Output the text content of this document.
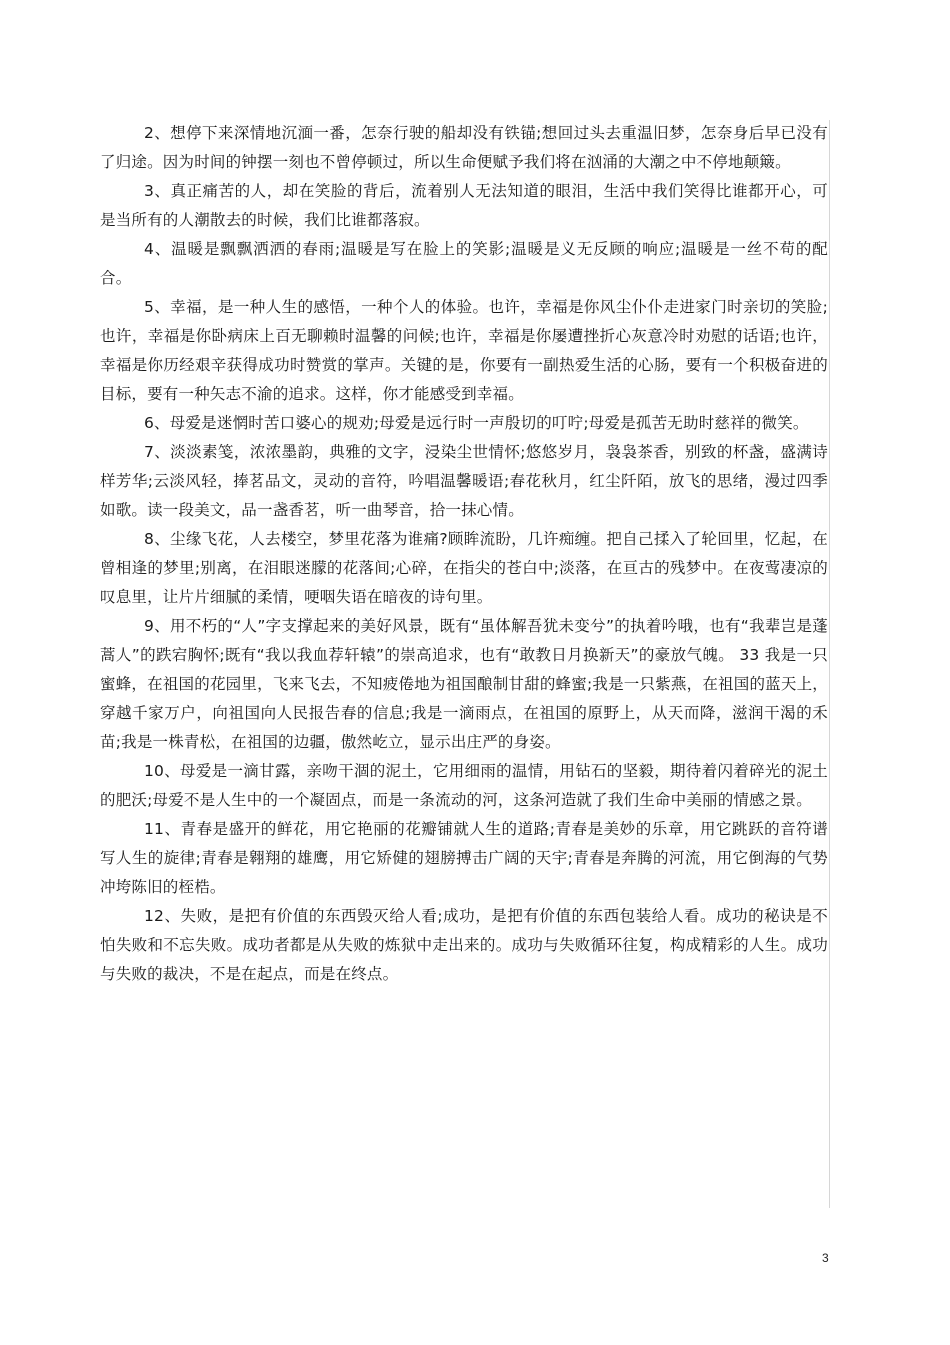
2、想停下来深情地沉湎一番，怎奈行驶的船却没有铁锚;想回过头去重温旧梦，怎奈身后早已没有了归途。因为时间的钟摆一刻也不曾停顿过，所以生命便赋予我们将在汹涌的大潮之中不停地颠簸。

3、真正痛苦的人，却在笑脸的背后，流着别人无法知道的眼泪，生活中我们笑得比谁都开心，可是当所有的人潮散去的时候，我们比谁都落寂。

4、温暖是飘飘洒洒的春雨;温暖是写在脸上的笑影;温暖是义无反顾的响应;温暖是一丝不苟的配合。

5、幸福，是一种人生的感悟，一种个人的体验。也许，幸福是你风尘仆仆走进家门时亲切的笑脸;也许，幸福是你卧病床上百无聊赖时温馨的问候;也许，幸福是你屡遭挫折心灰意冷时劝慰的话语;也许，幸福是你历经艰辛获得成功时赞赏的掌声。关键的是，你要有一副热爱生活的心肠，要有一个积极奋进的目标，要有一种矢志不渝的追求。这样，你才能感受到幸福。

6、母爱是迷惘时苦口婆心的规劝;母爱是远行时一声殷切的叮咛;母爱是孤苦无助时慈祥的微笑。

7、淡淡素笺，浓浓墨韵，典雅的文字，浸染尘世情怀;悠悠岁月，袅袅茶香，别致的杯盏，盛满诗样芳华;云淡风轻，捧茗品文，灵动的音符，吟唱温馨暖语;春花秋月，红尘阡陌，放飞的思绪，漫过四季如歌。读一段美文，品一盏香茗，听一曲琴音，拾一抹心情。

8、尘缘飞花，人去楼空，梦里花落为谁痛?顾眸流盼，几许痴缠。把自己揉入了轮回里，忆起，在曾相逢的梦里;别离，在泪眼迷朦的花落间;心碎，在指尖的苍白中;淡落，在亘古的残梦中。在夜莺凄凉的叹息里，让片片细腻的柔情，哽咽失语在暗夜的诗句里。

9、用不朽的“人”字支撑起来的美好风景，既有“虽体解吾犹未变兮”的执着吟哦，也有“我辈岂是蓬蒿人”的跌宕胸怀;既有“我以我血荐轩辕”的崇高追求，也有“敢教日月换新天”的豪放气魄。 33 我是一只蜜蜂，在祖国的花园里，飞来飞去，不知疲倦地为祖国酿制甘甜的蜂蜜;我是一只紫燕，在祖国的蓝天上，穿越千家万户，向祖国向人民报告春的信息;我是一滴雨点，在祖国的原野上，从天而降，滋润干渴的禾苗;我是一株青松，在祖国的边疆，傲然屹立，显示出庄严的身姿。

10、母爱是一滴甘露，亲吻干涸的泥土，它用细雨的温情，用钻石的坚毅，期待着闪着碎光的泥土的肥沃;母爱不是人生中的一个凝固点，而是一条流动的河，这条河造就了我们生命中美丽的情感之景。

11、青春是盛开的鲜花，用它艳丽的花瓣铺就人生的道路;青春是美妙的乐章，用它跳跃的音符谱写人生的旋律;青春是翱翔的雄鹰，用它矫健的翅膀搏击广阔的天宇;青春是奔腾的河流，用它倒海的气势冲垮陈旧的桎梏。

12、失败，是把有价值的东西毁灭给人看;成功，是把有价值的东西包装给人看。成功的秘诀是不怕失败和不忘失败。成功者都是从失败的炼狱中走出来的。成功与失败循环往复，构成精彩的人生。成功与失败的裁决，不是在起点，而是在终点。

3
